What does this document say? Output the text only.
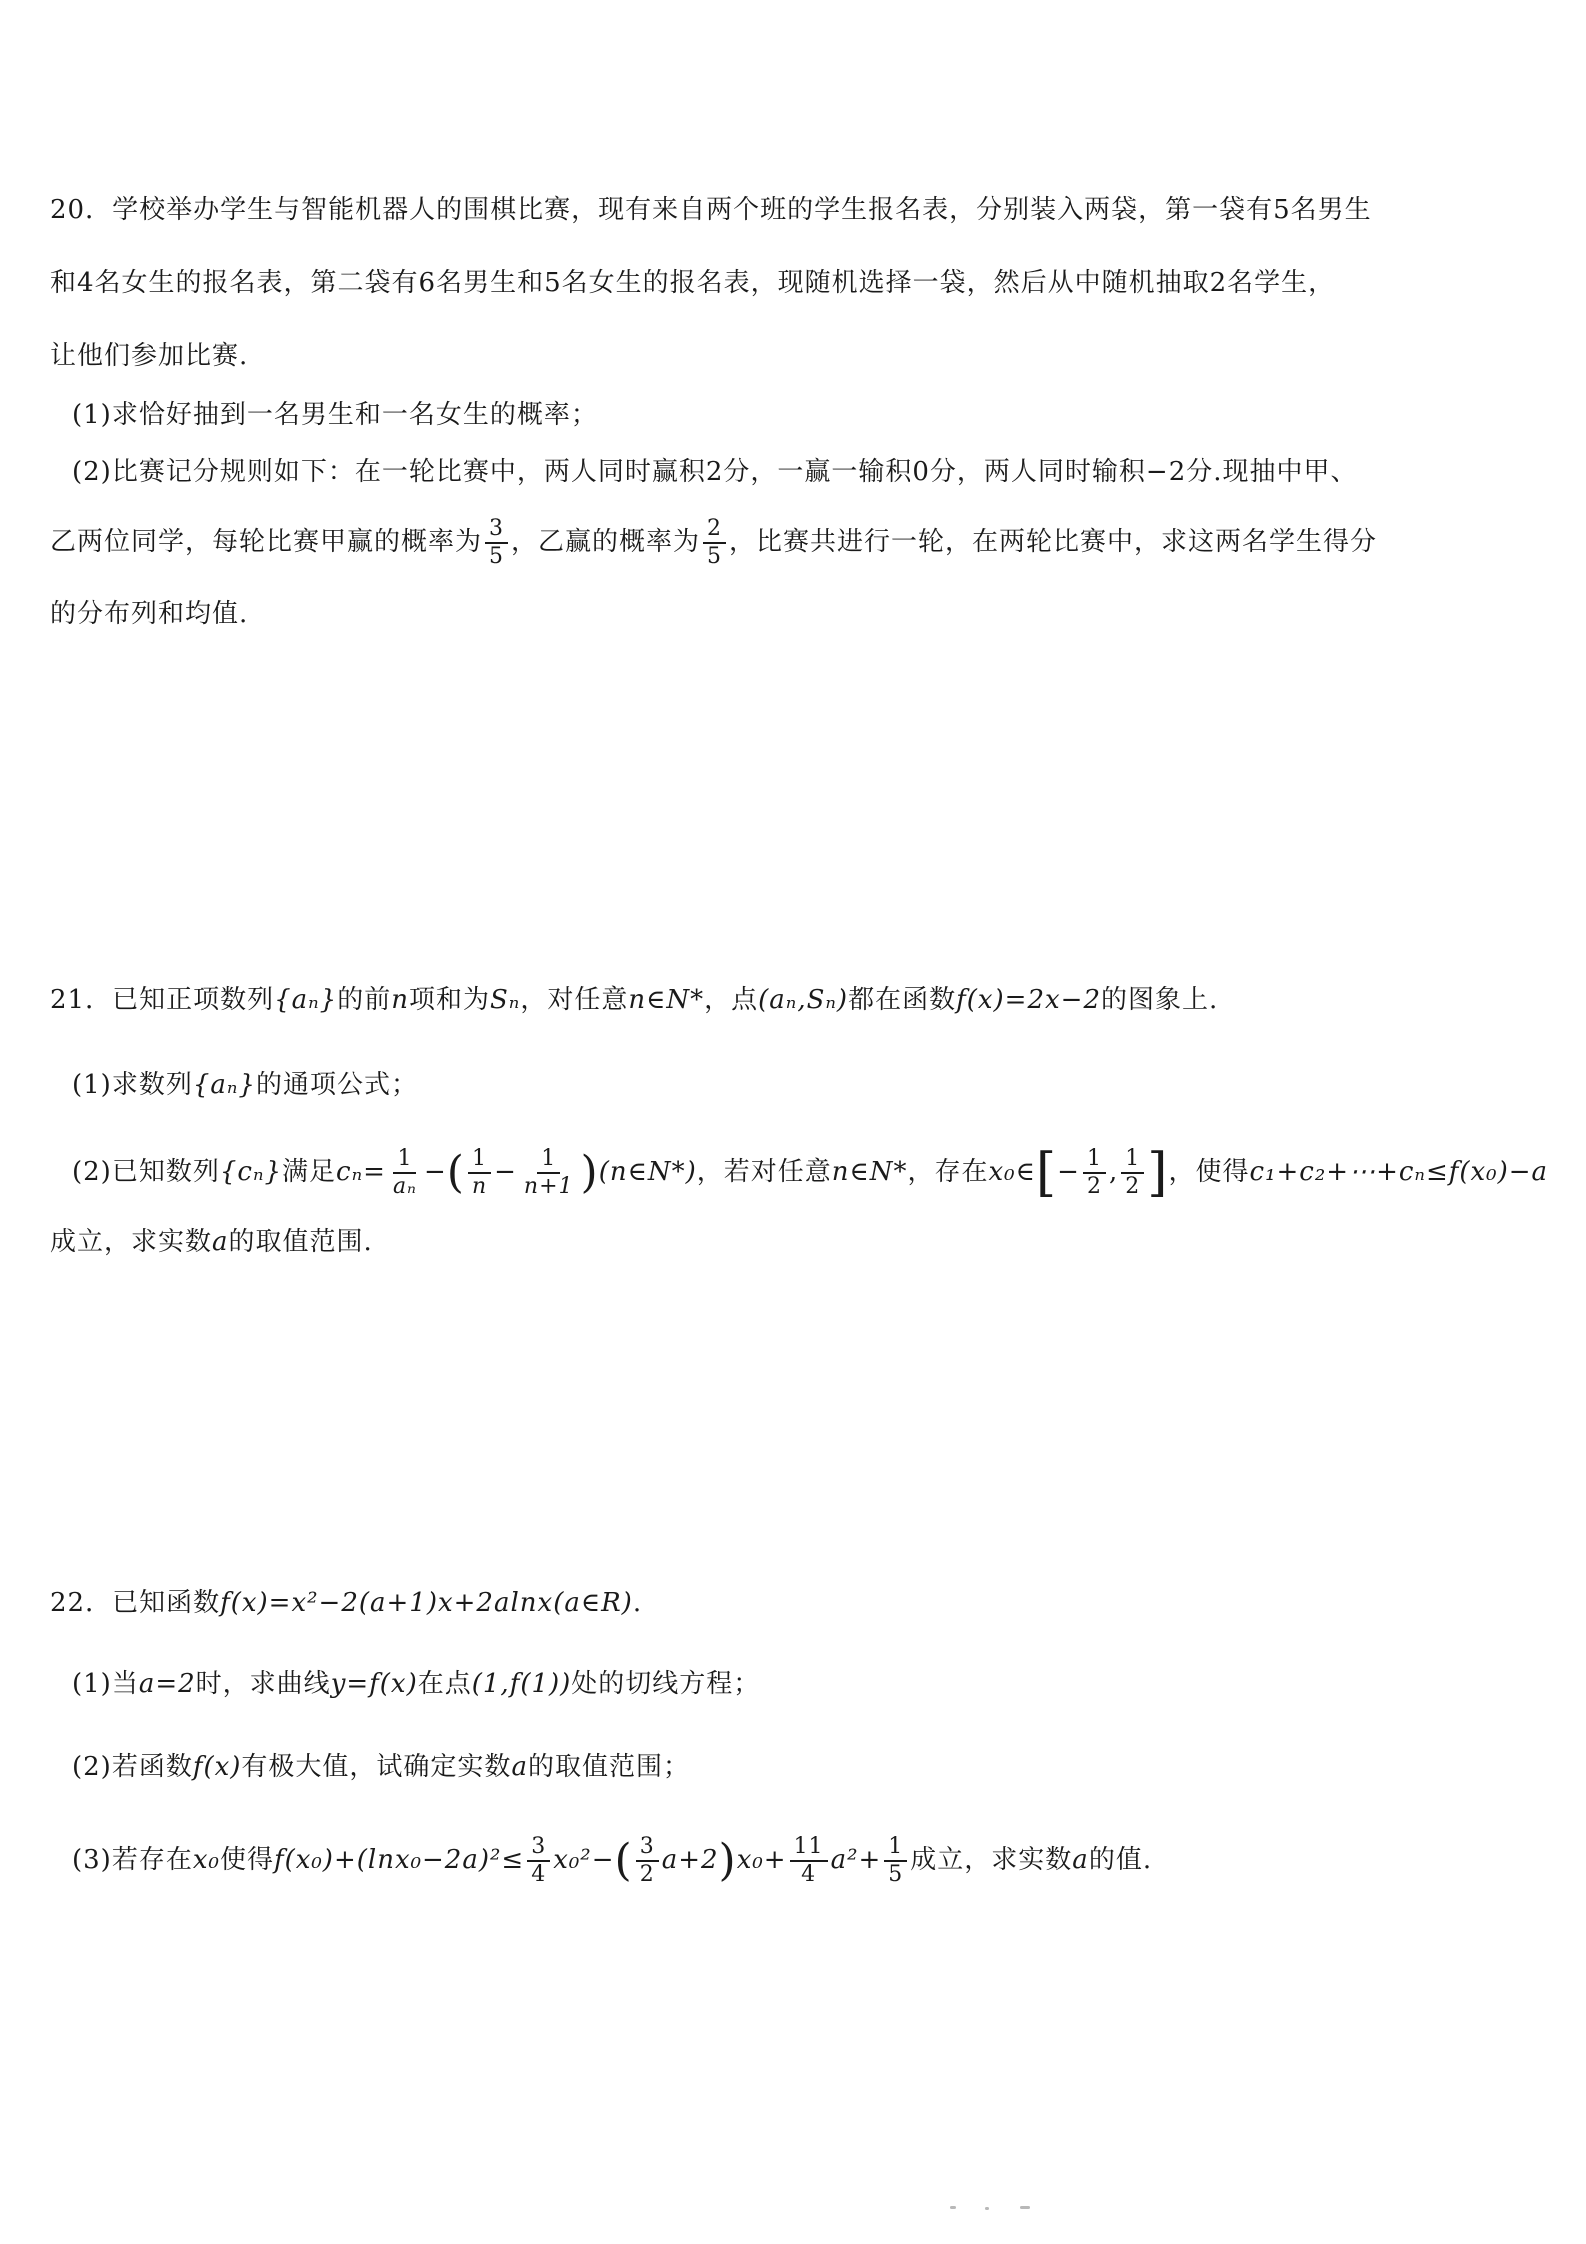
20．学校举办学生与智能机器人的围棋比赛，现有来自两个班的学生报名表，分别装入两袋，第一袋有5名男生
和4名女生的报名表，第二袋有6名男生和5名女生的报名表，现随机选择一袋，然后从中随机抽取2名学生，
让他们参加比赛.
(1)求恰好抽到一名男生和一名女生的概率；
(2)比赛记分规则如下：在一轮比赛中，两人同时赢积2分，一赢一输积0分，两人同时输积−2分.现抽中甲、
乙两位同学，每轮比赛甲赢的概率为 $\frac{3}{5}$ ，乙赢的概率为 $\frac{2}{5}$ ，比赛共进行一轮，在两轮比赛中，求这两名学生得分
的分布列和均值.
21．已知正项数列{aₙ}的前n项和为Sₙ，对任意n∈N*，点(aₙ,Sₙ)都在函数f(x)=2x−2的图象上.
(1)求数列{aₙ}的通项公式；
(2)已知数列{cₙ}满足$c_n= \frac{1}{\text{aₙ}}$ −( $\frac{1}{n} - \frac{1}{n+1}$ )(n∈N*)，若对任意n∈N*，存在x₀∈[− $\frac{1}{2}$ , $\frac{1}{2}$ ]，使得c₁+c₂+⋯+cₙ≤f(x₀)−a
成立，求实数a的取值范围.
22．已知函数f(x)=x²−2(a+1)x+2alnx(a∈R).
(1)当a=2时，求曲线y=f(x)在点(1,f(1))处的切线方程；
(2)若函数f(x)有极大值，试确定实数a的取值范围；
(3)若存在x₀使得$f(x_0)+(\ln x_0-2a)^2\le \frac{3}{4} x_0^2-( \frac{3}{2} a+2)x_0+ \frac{11}{4} a^2+ \frac{1}{5}$ 成立，求实数a的值.
